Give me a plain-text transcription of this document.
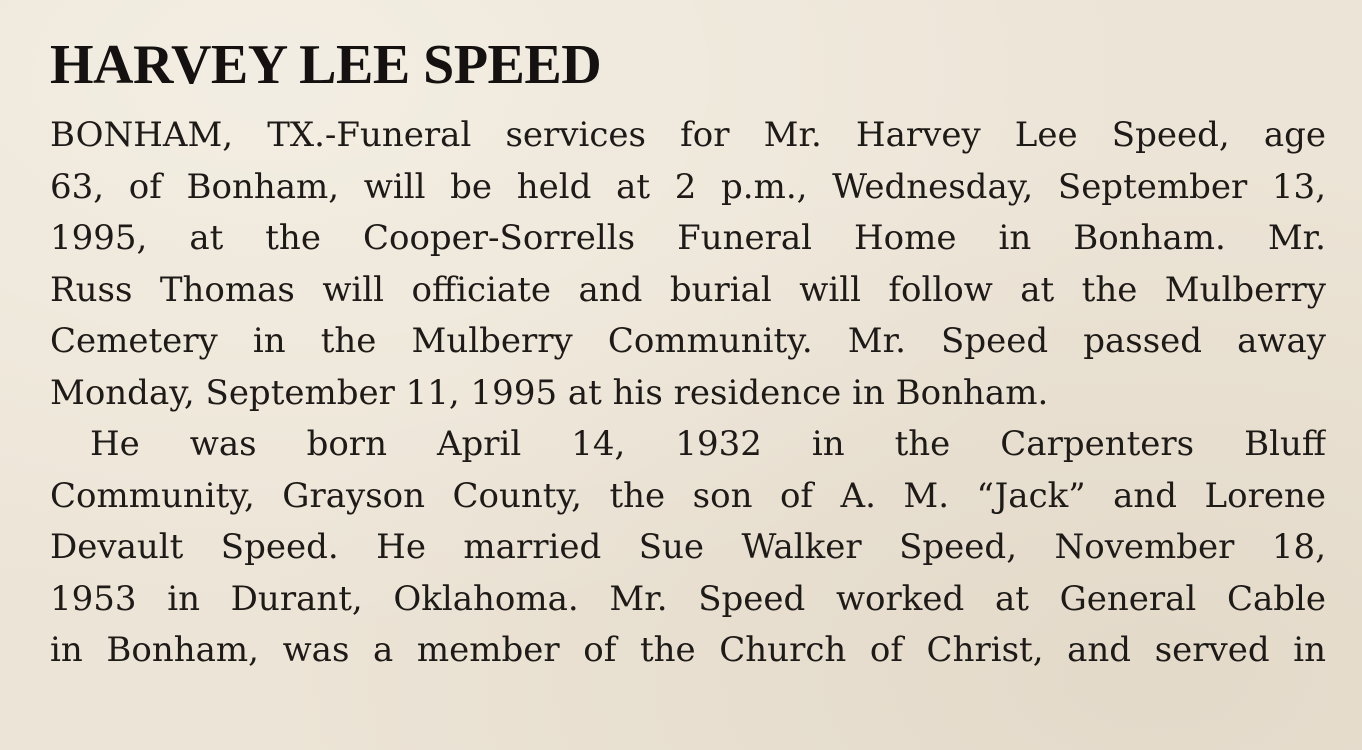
HARVEY LEE SPEED
BONHAM, TX.-Funeral services for Mr. Harvey Lee Speed, age
63, of Bonham, will be held at 2 p.m., Wednesday, September 13,
1995, at the Cooper-Sorrells Funeral Home in Bonham. Mr.
Russ Thomas will officiate and burial will follow at the Mulberry
Cemetery in the Mulberry Community. Mr. Speed passed away
Monday, September 11, 1995 at his residence in Bonham.
He was born April 14, 1932 in the Carpenters Bluff
Community, Grayson County, the son of A. M. “Jack” and Lorene
Devault Speed. He married Sue Walker Speed, November 18,
1953 in Durant, Oklahoma. Mr. Speed worked at General Cable
in Bonham, was a member of the Church of Christ, and served in
